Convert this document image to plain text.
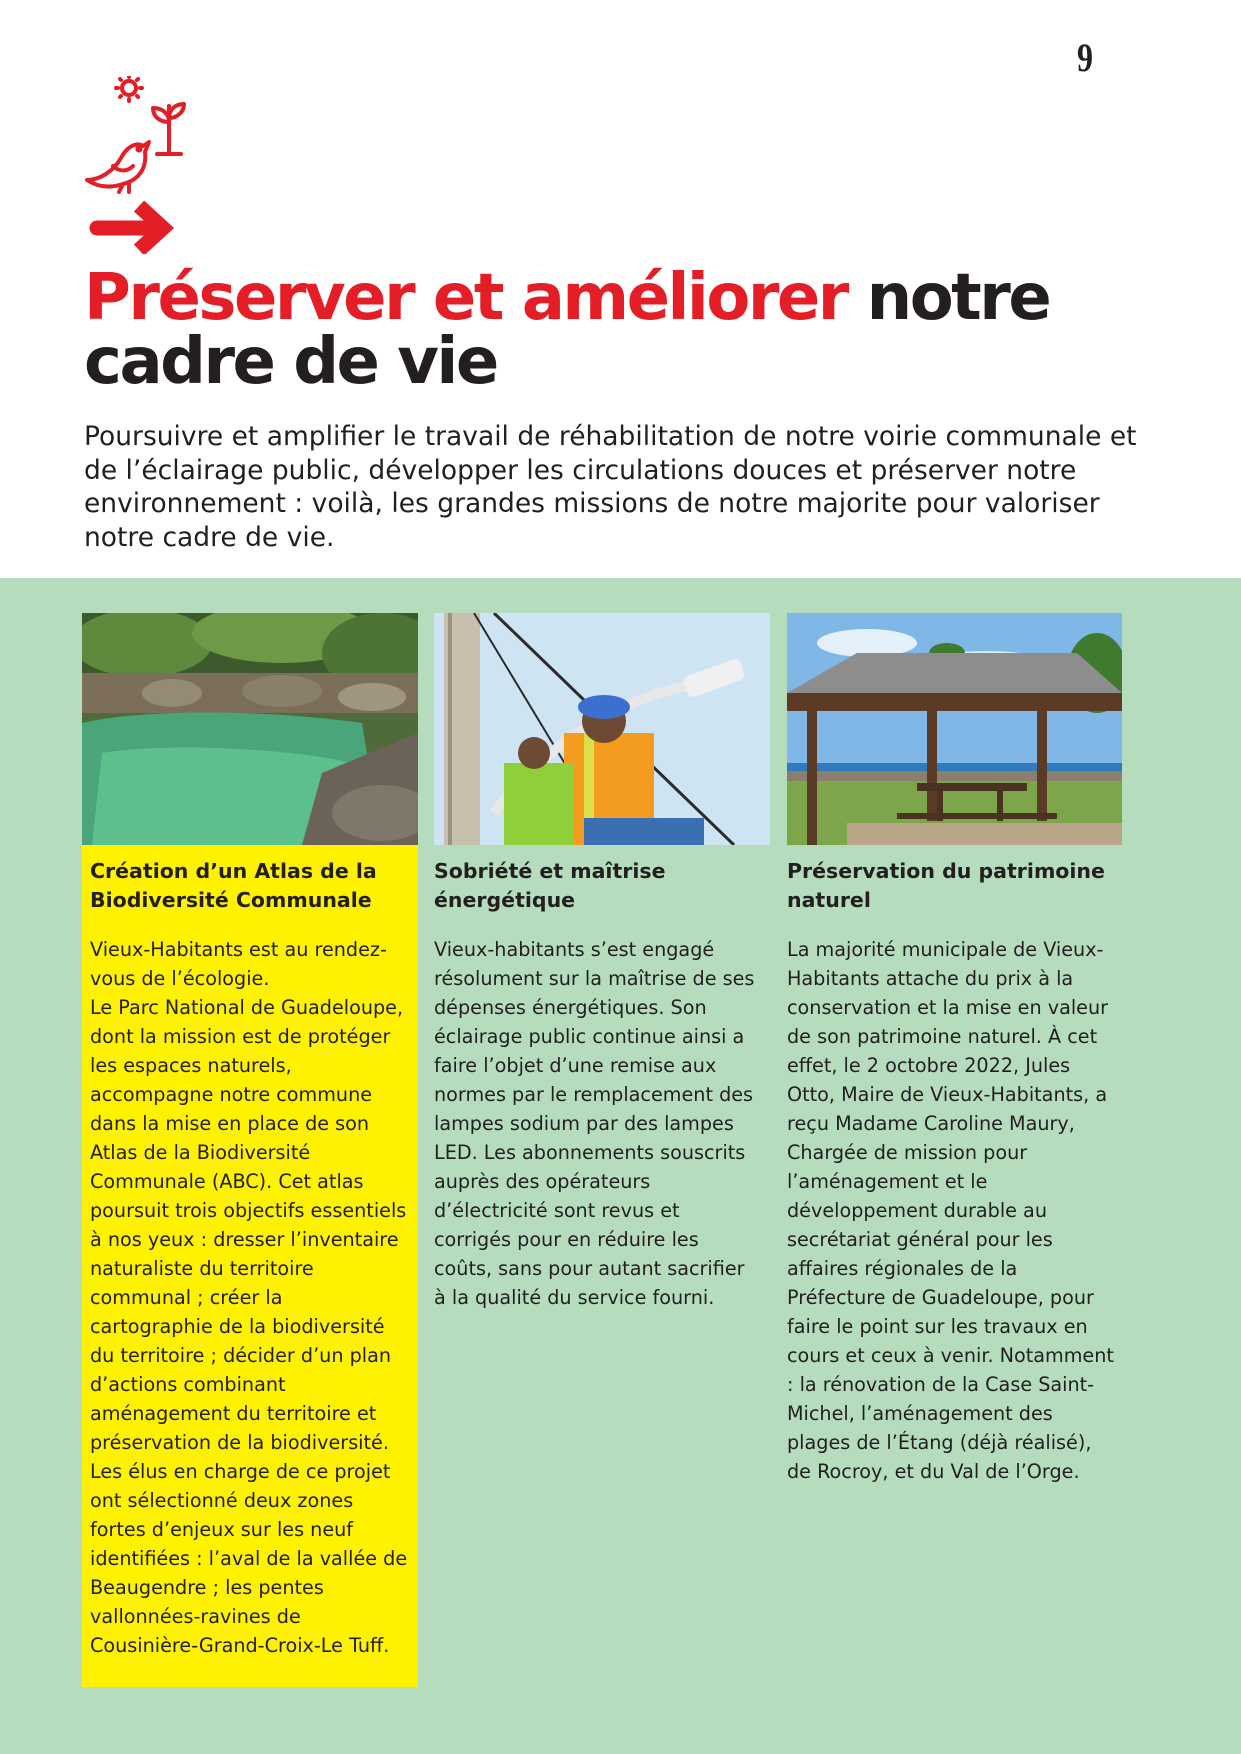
9
Préserver et améliorer notre cadre de vie

Poursuivre et amplifier le travail de réhabilitation de notre voirie communale et de l’éclairage public, développer les circulations douces et préserver notre environnement : voilà, les grandes missions de notre majorite pour valoriser notre cadre de vie.

Création d’un Atlas de la Biodiversité Communale

Vieux-Habitants est au rendez-vous de l’écologie.
Le Parc National de Guadeloupe, dont la mission est de protéger les espaces naturels, accompagne notre commune dans la mise en place de son Atlas de la Biodiversité Communale (ABC). Cet atlas poursuit trois objectifs essentiels à nos yeux : dresser l’inventaire naturaliste du territoire communal ; créer la cartographie de la biodiversité du territoire ; décider d’un plan d’actions combinant aménagement du territoire et préservation de la biodiversité. Les élus en charge de ce projet ont sélectionné deux zones fortes d’enjeux sur les neuf identifiées : l’aval de la vallée de Beaugendre ; les pentes vallonnées-ravines de Cousinière-Grand-Croix-Le Tuff.

Sobriété et maîtrise énergétique

Vieux-habitants s’est engagé résolument sur la maîtrise de ses dépenses énergétiques. Son éclairage public continue ainsi a faire l’objet d’une remise aux normes par le remplacement des lampes sodium par des lampes LED. Les abonnements souscrits auprès des opérateurs d’électricité sont revus et corrigés pour en réduire les coûts, sans pour autant sacrifier à la qualité du service fourni.

Préservation du patrimoine naturel

La majorité municipale de Vieux-Habitants attache du prix à la conservation et la mise en valeur de son patrimoine naturel. À cet effet, le 2 octobre 2022, Jules Otto, Maire de Vieux-Habitants, a reçu Madame Caroline Maury, Chargée de mission pour l’aménagement et le développement durable au secrétariat général pour les affaires régionales de la Préfecture de Guadeloupe, pour faire le point sur les travaux en cours et ceux à venir. Notamment : la rénovation de la Case Saint-Michel, l’aménagement des plages de l’Étang (déjà réalisé), de Rocroy, et du Val de l’Orge.
